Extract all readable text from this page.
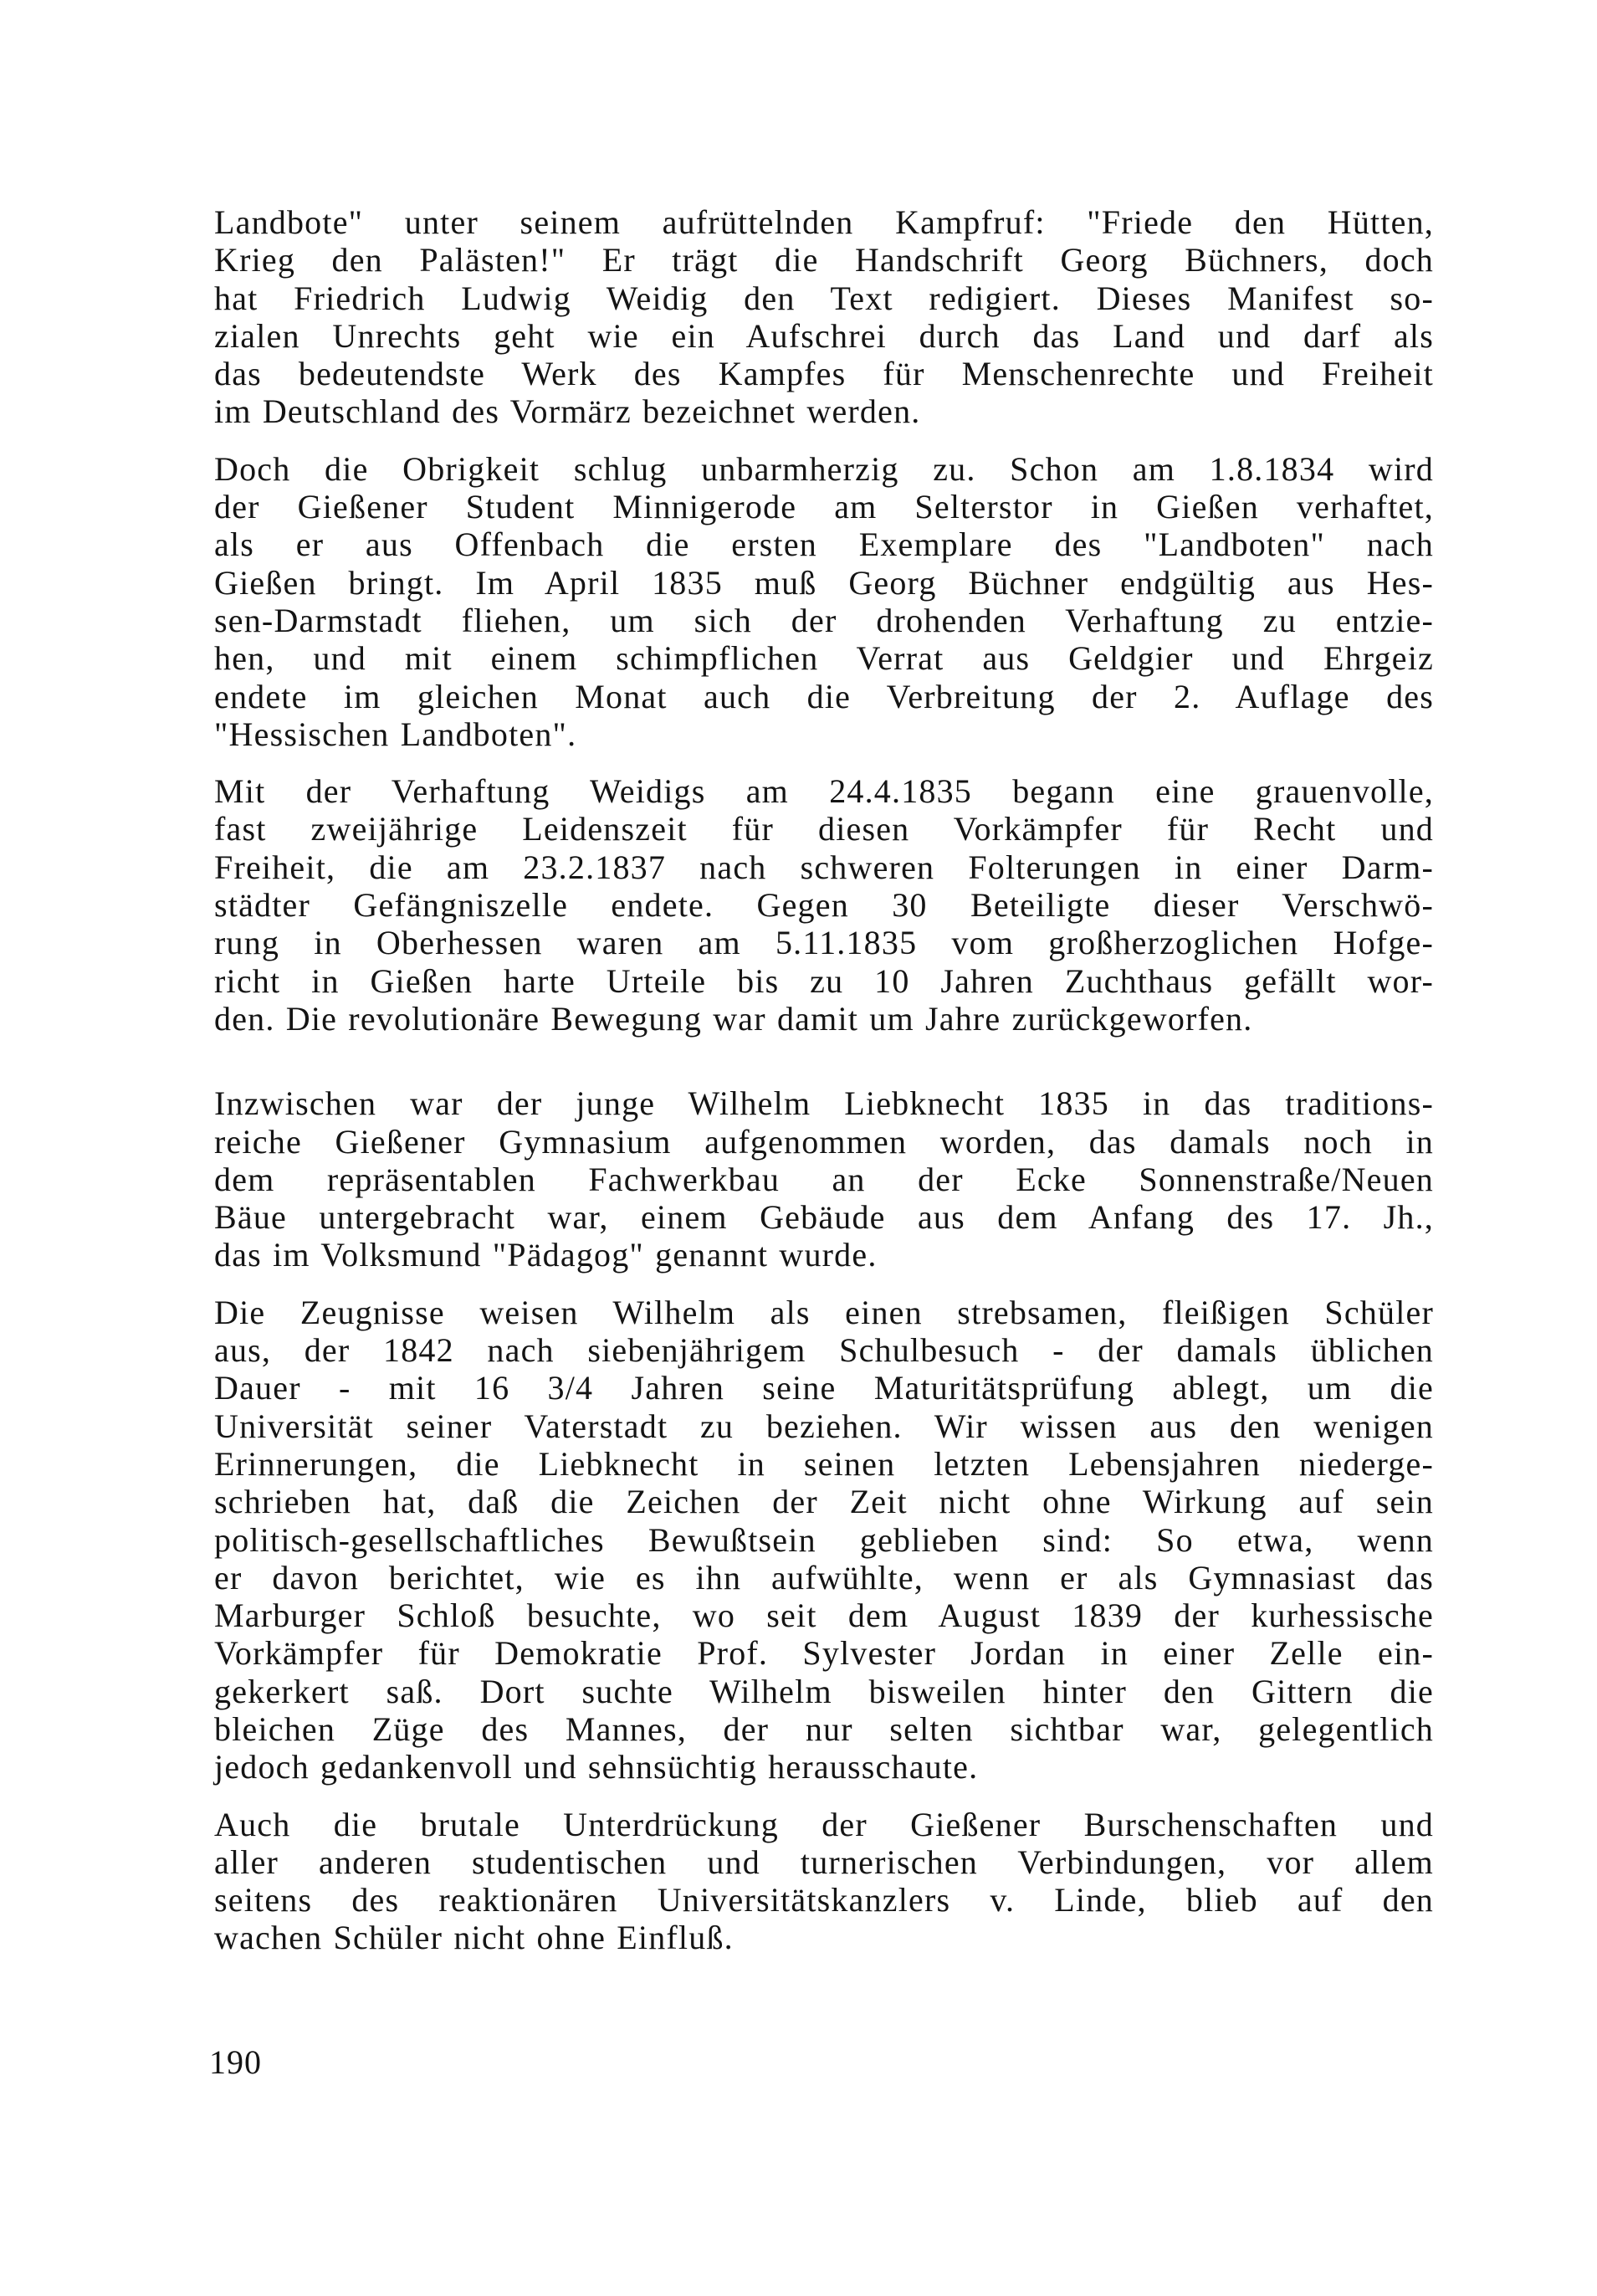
Landbote" unter seinem aufrüttelnden Kampfruf: "Friede den Hütten,
Krieg den Palästen!" Er trägt die Handschrift Georg Büchners, doch
hat Friedrich Ludwig Weidig den Text redigiert. Dieses Manifest so-
zialen Unrechts geht wie ein Aufschrei durch das Land und darf als
das bedeutendste Werk des Kampfes für Menschenrechte und Freiheit
im Deutschland des Vormärz bezeichnet werden.

Doch die Obrigkeit schlug unbarmherzig zu. Schon am 1.8.1834 wird
der Gießener Student Minnigerode am Selterstor in Gießen verhaftet,
als er aus Offenbach die ersten Exemplare des "Landboten" nach
Gießen bringt. Im April 1835 muß Georg Büchner endgültig aus Hes-
sen-Darmstadt fliehen, um sich der drohenden Verhaftung zu entzie-
hen, und mit einem schimpflichen Verrat aus Geldgier und Ehrgeiz
endete im gleichen Monat auch die Verbreitung der 2. Auflage des
"Hessischen Landboten".

Mit der Verhaftung Weidigs am 24.4.1835 begann eine grauenvolle,
fast zweijährige Leidenszeit für diesen Vorkämpfer für Recht und
Freiheit, die am 23.2.1837 nach schweren Folterungen in einer Darm-
städter Gefängniszelle endete. Gegen 30 Beteiligte dieser Verschwö-
rung in Oberhessen waren am 5.11.1835 vom großherzoglichen Hofge-
richt in Gießen harte Urteile bis zu 10 Jahren Zuchthaus gefällt wor-
den. Die revolutionäre Bewegung war damit um Jahre zurückgeworfen.

Inzwischen war der junge Wilhelm Liebknecht 1835 in das traditions-
reiche Gießener Gymnasium aufgenommen worden, das damals noch in
dem repräsentablen Fachwerkbau an der Ecke Sonnenstraße/Neuen
Bäue untergebracht war, einem Gebäude aus dem Anfang des 17. Jh.,
das im Volksmund "Pädagog" genannt wurde.

Die Zeugnisse weisen Wilhelm als einen strebsamen, fleißigen Schüler
aus, der 1842 nach siebenjährigem Schulbesuch - der damals üblichen
Dauer - mit 16 3/4 Jahren seine Maturitätsprüfung ablegt, um die
Universität seiner Vaterstadt zu beziehen. Wir wissen aus den wenigen
Erinnerungen, die Liebknecht in seinen letzten Lebensjahren niederge-
schrieben hat, daß die Zeichen der Zeit nicht ohne Wirkung auf sein
politisch-gesellschaftliches Bewußtsein geblieben sind: So etwa, wenn
er davon berichtet, wie es ihn aufwühlte, wenn er als Gymnasiast das
Marburger Schloß besuchte, wo seit dem August 1839 der kurhessische
Vorkämpfer für Demokratie Prof. Sylvester Jordan in einer Zelle ein-
gekerkert saß. Dort suchte Wilhelm bisweilen hinter den Gittern die
bleichen Züge des Mannes, der nur selten sichtbar war, gelegentlich
jedoch gedankenvoll und sehnsüchtig herausschaute.

Auch die brutale Unterdrückung der Gießener Burschenschaften und
aller anderen studentischen und turnerischen Verbindungen, vor allem
seitens des reaktionären Universitätskanzlers v. Linde, blieb auf den
wachen Schüler nicht ohne Einfluß.

190
